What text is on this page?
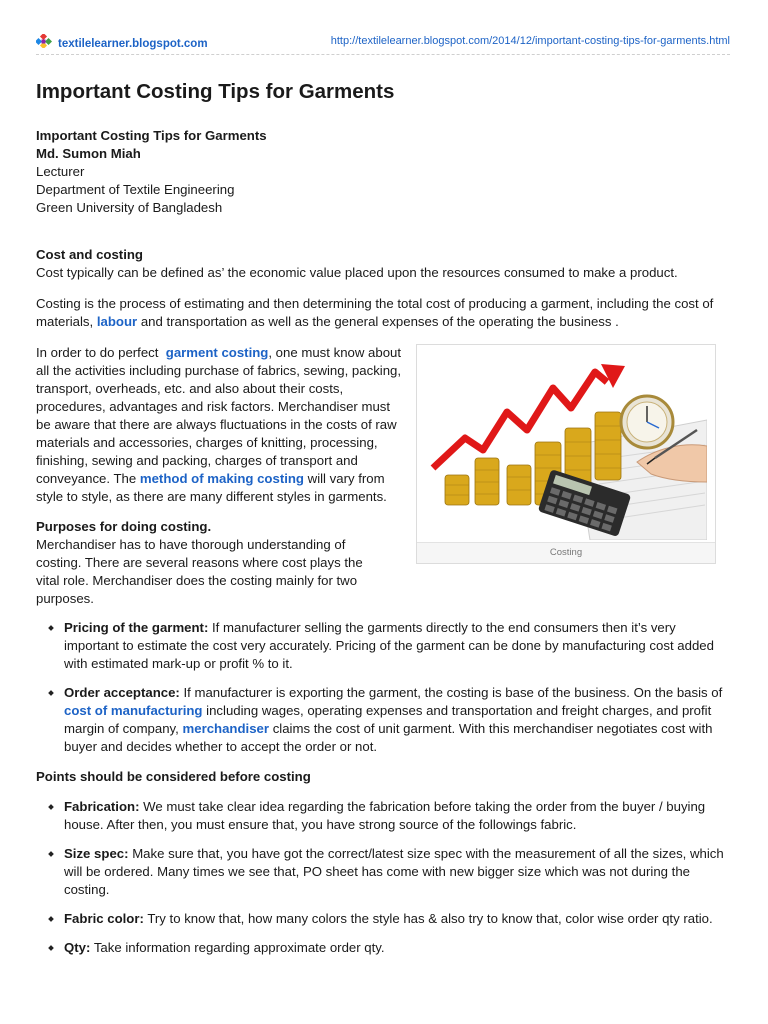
textilelearner.blogspot.com	http://textilelearner.blogspot.com/2014/12/important-costing-tips-for-garments.html
Important Costing Tips for Garments

Important Costing Tips for Garments

Md. Sumon Miah

Lecturer

Department of Textile Engineering

Green University of Bangladesh

Cost and costing

Cost typically can be defined as’ the economic value placed upon the resources consumed to make a product.

Costing is the process of estimating and then determining the total cost of producing a garment, including the cost of materials, labour and transportation as well as the general expenses of the operating the business .

Costing

In order to do perfect garment costing, one must know about all the activities including purchase of fabrics, sewing, packing, transport, overheads, etc. and also about their costs, procedures, advantages and risk factors. Merchandiser must be aware that there are always fluctuations in the costs of raw materials and accessories, charges of knitting, processing, finishing, sewing and packing, charges of transport and conveyance. The method of making costing will vary from style to style, as there are many different styles in garments.

Purposes for doing costing.

Merchandiser has to have thorough understanding of costing. There are several reasons where cost plays the vital role. Merchandiser does the costing mainly for two purposes.

Pricing of the garment: If manufacturer selling the garments directly to the end consumers then it’s very important to estimate the cost very accurately. Pricing of the garment can be done by manufacturing cost added with estimated mark-up or profit % to it.
Order acceptance: If manufacturer is exporting the garment, the costing is base of the business. On the basis of cost of manufacturing including wages, operating expenses and transportation and freight charges, and profit margin of company, merchandiser claims the cost of unit garment. With this merchandiser negotiates cost with buyer and decides whether to accept the order or not.

Points should be considered before costing

Fabrication: We must take clear idea regarding the fabrication before taking the order from the buyer / buying house. After then, you must ensure that, you have strong source of the followings fabric.
Size spec: Make sure that, you have got the correct/latest size spec with the measurement of all the sizes, which will be ordered. Many times we see that, PO sheet has come with new bigger size which was not during the costing.
Fabric color: Try to know that, how many colors the style has & also try to know that, color wise order qty ratio.
Qty: Take information regarding approximate order qty.
